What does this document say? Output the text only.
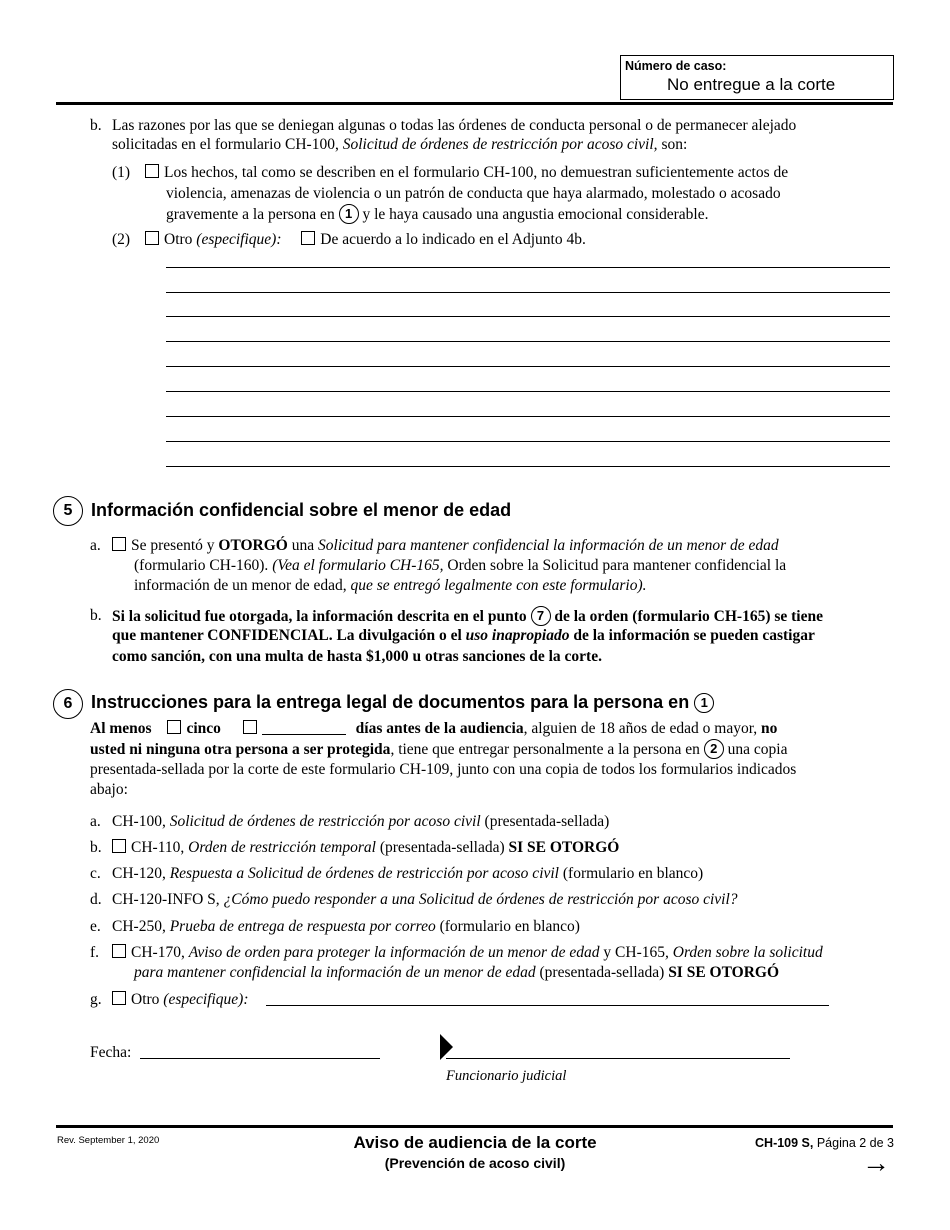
Número de caso:
No entregue a la corte
b. Las razones por las que se deniegan algunas o todas las órdenes de conducta personal o de permanecer alejado
solicitadas en el formulario CH-100, Solicitud de órdenes de restricción por acoso civil, son:
(1)	Los hechos, tal como se describen en el formulario CH-100, no demuestran suficientemente actos de
violencia, amenazas de violencia o un patrón de conducta que haya alarmado, molestado o acosado
gravemente a la persona en 1 y le haya causado una angustia emocional considerable.
(2)	Otro (especifique):	De acuerdo a lo indicado en el Adjunto 4b.
5	Información confidencial sobre el menor de edad
a.	Se presentó y OTORGÓ una Solicitud para mantener confidencial la información de un menor de edad
(formulario CH-160). (Vea el formulario CH-165, Orden sobre la Solicitud para mantener confidencial la
información de un menor de edad, que se entregó legalmente con este formulario).
b. Si la solicitud fue otorgada, la información descrita en el punto 7 de la orden (formulario CH-165) se tiene
que mantener CONFIDENCIAL. La divulgación o el uso inapropiado de la información se pueden castigar
como sanción, con una multa de hasta $1,000 u otras sanciones de la corte.
6	Instrucciones para la entrega legal de documentos para la persona en 1
Al menos cinco	días antes de la audiencia, alguien de 18 años de edad o mayor, no
usted ni ninguna otra persona a ser protegida, tiene que entregar personalmente a la persona en 2 una copia
presentada-sellada por la corte de este formulario CH-109, junto con una copia de todos los formularios indicados
abajo:
a. CH-100, Solicitud de órdenes de restricción por acoso civil (presentada-sellada)
b.	CH-110, Orden de restricción temporal (presentada-sellada) SI SE OTORGÓ
c. CH-120, Respuesta a Solicitud de órdenes de restricción por acoso civil (formulario en blanco)
d. CH-120-INFO S, ¿Cómo puedo responder a una Solicitud de órdenes de restricción por acoso civil?
e. CH-250, Prueba de entrega de respuesta por correo (formulario en blanco)
f.	CH-170, Aviso de orden para proteger la información de un menor de edad y CH-165, Orden sobre la solicitud
para mantener confidencial la información de un menor de edad (presentada-sellada) SI SE OTORGÓ
g.	Otro (especifique):
Fecha:
Funcionario judicial
Rev. September 1, 2020	Aviso de audiencia de la corte
(Prevención de acoso civil)
CH-109 S, Página 2 de 3
→
